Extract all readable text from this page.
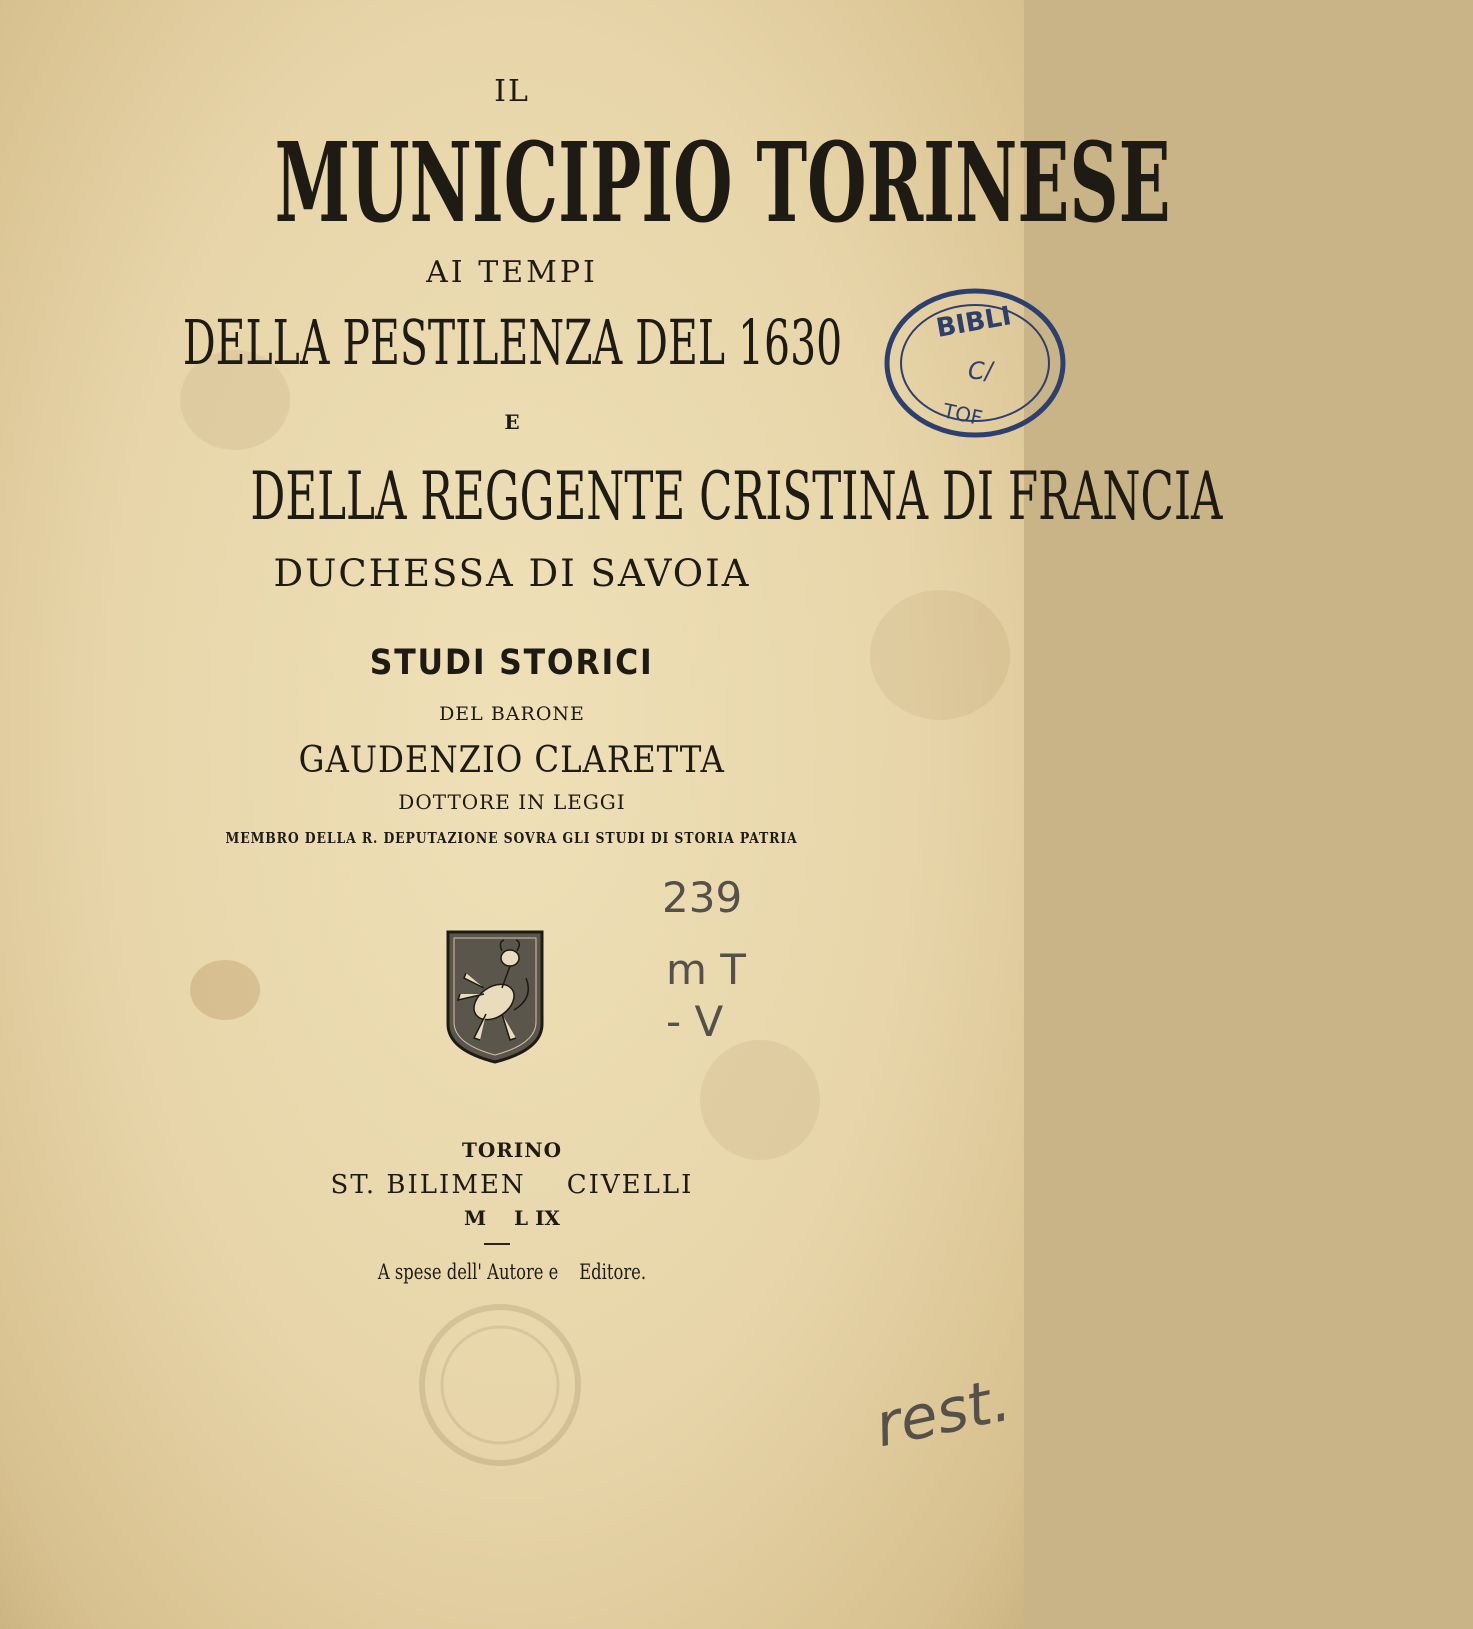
IL
MUNICIPIO TORINESE
AI TEMPI
DELLA PESTILENZA DEL 1630
E
DELLA REGGENTE CRISTINA DI FRANCIA
DUCHESSA DI SAVOIA
STUDI STORICI
DEL BARONE
GAUDENZIO CLARETTA
DOTTORE IN LEGGI
MEMBRO DELLA R. DEPUTAZIONE SOVRA GLI STUDI DI STORIA PATRIA
TORINO
ST. BILIMEN    CIVELLI
M    L IX
A spese dell' Autore e    Editore.
BIBLI
C/
TOF
239
m T
- V
rest.
